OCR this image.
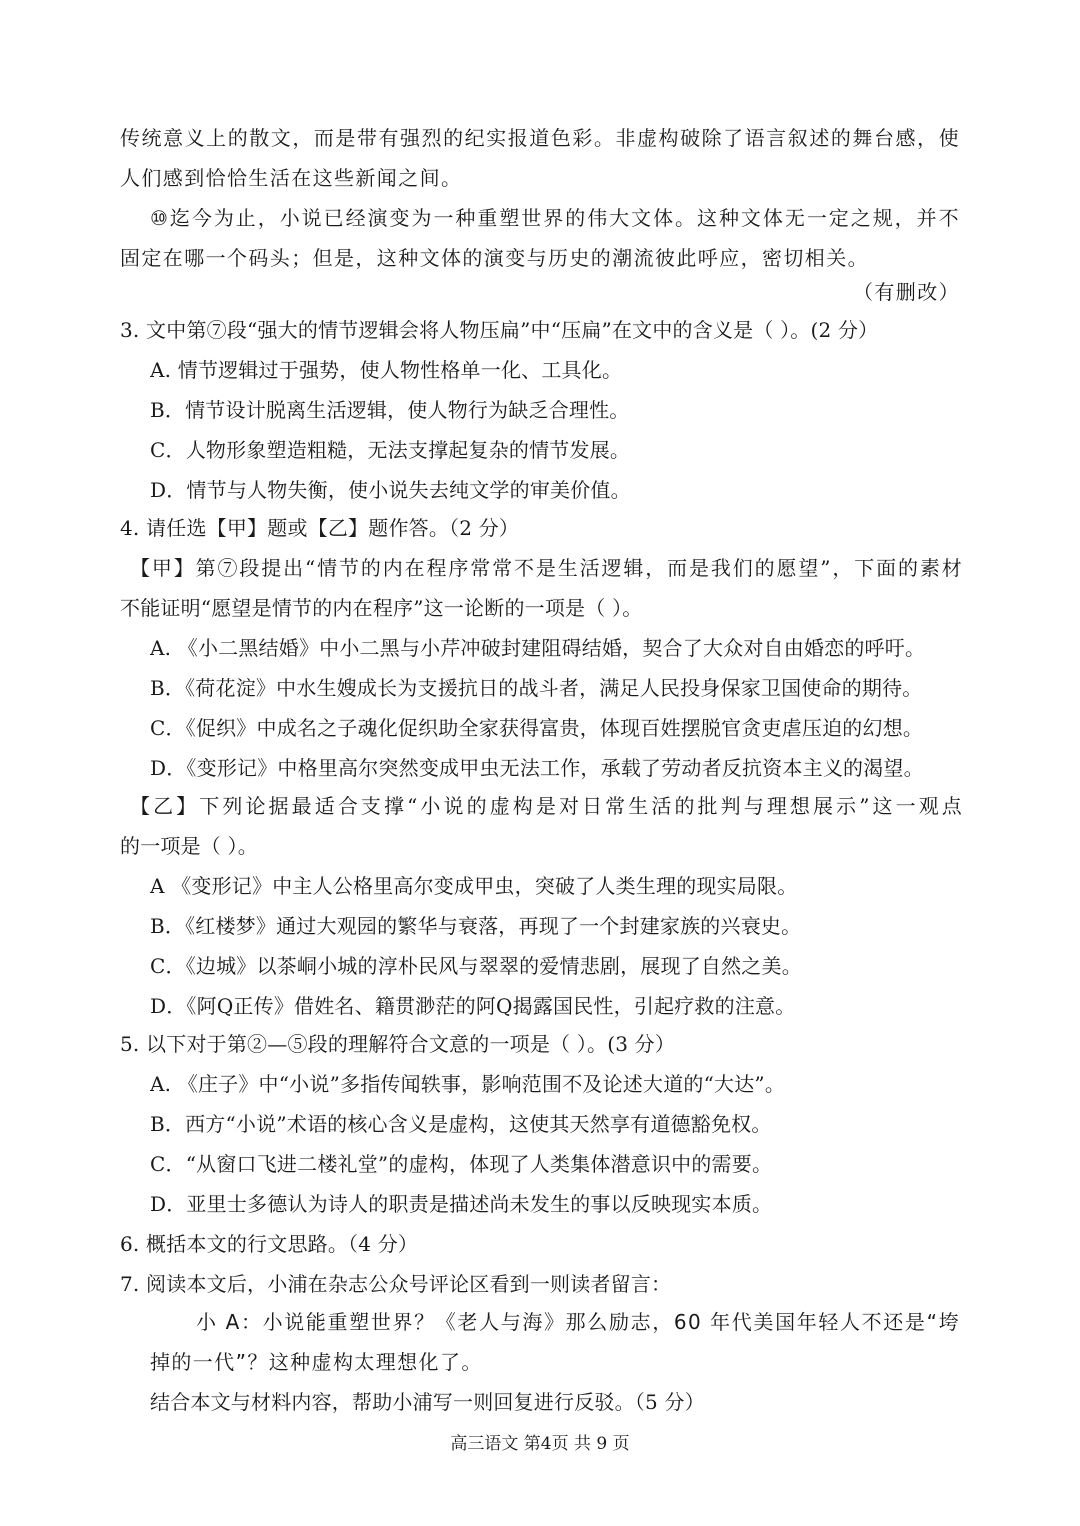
传统意义上的散文，而是带有强烈的纪实报道色彩。非虚构破除了语言叙述的舞台感，使
人们感到恰恰生活在这些新闻之间。
⑩迄今为止，小说已经演变为一种重塑世界的伟大文体。这种文体无一定之规，并不
固定在哪一个码头；但是，这种文体的演变与历史的潮流彼此呼应，密切相关。
（有删改）
3. 文中第⑦段“强大的情节逻辑会将人物压扁”中“压扁”在文中的含义是（ ）。(2 分）
A. 情节逻辑过于强势，使人物性格单一化、工具化。
B．情节设计脱离生活逻辑，使人物行为缺乏合理性。
C．人物形象塑造粗糙，无法支撑起复杂的情节发展。
D．情节与人物失衡，使小说失去纯文学的审美价值。
4. 请任选【甲】题或【乙】题作答。（2 分）
【甲】第⑦段提出“情节的内在程序常常不是生活逻辑，而是我们的愿望”，下面的素材
不能证明“愿望是情节的内在程序”这一论断的一项是（ ）。
A. 《小二黑结婚》中小二黑与小芹冲破封建阻碍结婚，契合了大众对自由婚恋的呼吁。
B．《荷花淀》中水生嫂成长为支援抗日的战斗者，满足人民投身保家卫国使命的期待。
C．《促织》中成名之子魂化促织助全家获得富贵，体现百姓摆脱官贪吏虐压迫的幻想。
D．《变形记》中格里高尔突然变成甲虫无法工作，承载了劳动者反抗资本主义的渴望。
【乙】下列论据最适合支撑“小说的虚构是对日常生活的批判与理想展示”这一观点
的一项是（ ）。
A 《变形记》中主人公格里高尔变成甲虫，突破了人类生理的现实局限。
B．《红楼梦》通过大观园的繁华与衰落，再现了一个封建家族的兴衰史。
C．《边城》以茶峒小城的淳朴民风与翠翠的爱情悲剧，展现了自然之美。
D．《阿Q正传》借姓名、籍贯渺茫的阿Q揭露国民性，引起疗救的注意。
5. 以下对于第②—⑤段的理解符合文意的一项是（ ）。(3 分）
A. 《庄子》中“小说”多指传闻轶事，影响范围不及论述大道的“大达”。
B．西方“小说”术语的核心含义是虚构，这使其天然享有道德豁免权。
C．“从窗口飞进二楼礼堂”的虚构，体现了人类集体潜意识中的需要。
D．亚里士多德认为诗人的职责是描述尚未发生的事以反映现实本质。
6. 概括本文的行文思路。（4 分）
7. 阅读本文后，小浦在杂志公众号评论区看到一则读者留言：
小 A：小说能重塑世界？《老人与海》那么励志，60 年代美国年轻人不还是“垮
掉的一代”？这种虚构太理想化了。
结合本文与材料内容，帮助小浦写一则回复进行反驳。（5 分）
高三语文 第4页 共 9 页
